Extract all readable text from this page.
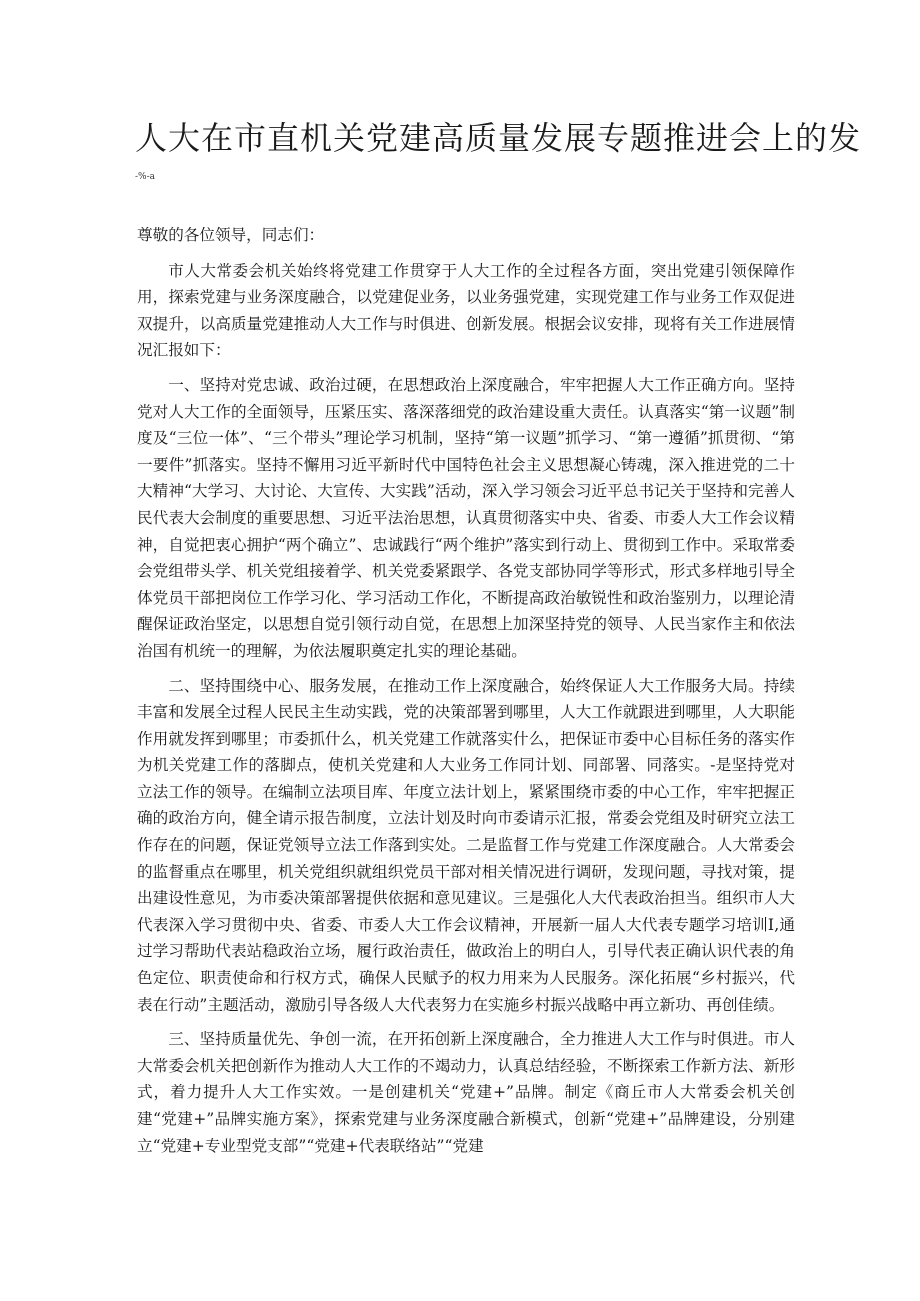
人大在市直机关党建高质量发展专题推进会上的发
-%-a

尊敬的各位领导，同志们：

市人大常委会机关始终将党建工作贯穿于人大工作的全过程各方面，突出党建引领保障作用，探索党建与业务深度融合，以党建促业务，以业务强党建，实现党建工作与业务工作双促进双提升，以高质量党建推动人大工作与时俱进、创新发展。根据会议安排，现将有关工作进展情况汇报如下：

一、坚持对党忠诚、政治过硬，在思想政治上深度融合，牢牢把握人大工作正确方向。坚持党对人大工作的全面领导，压紧压实、落深落细党的政治建设重大责任。认真落实“第一议题”制度及“三位一体”、“三个带头”理论学习机制，坚持“第一议题”抓学习、“第一遵循”抓贯彻、“第一要件”抓落实。坚持不懈用习近平新时代中国特色社会主义思想凝心铸魂，深入推进党的二十大精神“大学习、大讨论、大宣传、大实践”活动，深入学习领会习近平总书记关于坚持和完善人民代表大会制度的重要思想、习近平法治思想，认真贯彻落实中央、省委、市委人大工作会议精神，自觉把衷心拥护“两个确立”、忠诚践行“两个维护”落实到行动上、贯彻到工作中。采取常委会党组带头学、机关党组接着学、机关党委紧跟学、各党支部协同学等形式，形式多样地引导全体党员干部把岗位工作学习化、学习活动工作化，不断提高政治敏锐性和政治鉴别力，以理论清醒保证政治坚定，以思想自觉引领行动自觉，在思想上加深坚持党的领导、人民当家作主和依法治国有机统一的理解，为依法履职奠定扎实的理论基础。

二、坚持围绕中心、服务发展，在推动工作上深度融合，始终保证人大工作服务大局。持续丰富和发展全过程人民民主生动实践，党的决策部署到哪里，人大工作就跟进到哪里，人大职能作用就发挥到哪里；市委抓什么，机关党建工作就落实什么，把保证市委中心目标任务的落实作为机关党建工作的落脚点，使机关党建和人大业务工作同计划、同部署、同落实。-是坚持党对立法工作的领导。在编制立法项目库、年度立法计划上，紧紧围绕市委的中心工作，牢牢把握正确的政治方向，健全请示报告制度，立法计划及时向市委请示汇报，常委会党组及时研究立法工作存在的问题，保证党领导立法工作落到实处。二是监督工作与党建工作深度融合。人大常委会的监督重点在哪里，机关党组织就组织党员干部对相关情况进行调研，发现问题，寻找对策，提出建设性意见，为市委决策部署提供依据和意见建议。三是强化人大代表政治担当。组织市人大代表深入学习贯彻中央、省委、市委人大工作会议精神，开展新一届人大代表专题学习培训Ⅰ,通过学习帮助代表站稳政治立场，履行政治责任，做政治上的明白人，引导代表正确认识代表的角色定位、职责使命和行权方式，确保人民赋予的权力用来为人民服务。深化拓展“乡村振兴，代表在行动”主题活动，激励引导各级人大代表努力在实施乡村振兴战略中再立新功、再创佳绩。

三、坚持质量优先、争创一流，在开拓创新上深度融合，全力推进人大工作与时俱进。市人大常委会机关把创新作为推动人大工作的不竭动力，认真总结经验，不断探索工作新方法、新形式，着力提升人大工作实效。一是创建机关“党建+”品牌。制定《商丘市人大常委会机关创建“党建+”品牌实施方案》，探索党建与业务深度融合新模式，创新“党建+”品牌建设，分别建立“党建+专业型党支部”“党建+代表联络站”“党建
